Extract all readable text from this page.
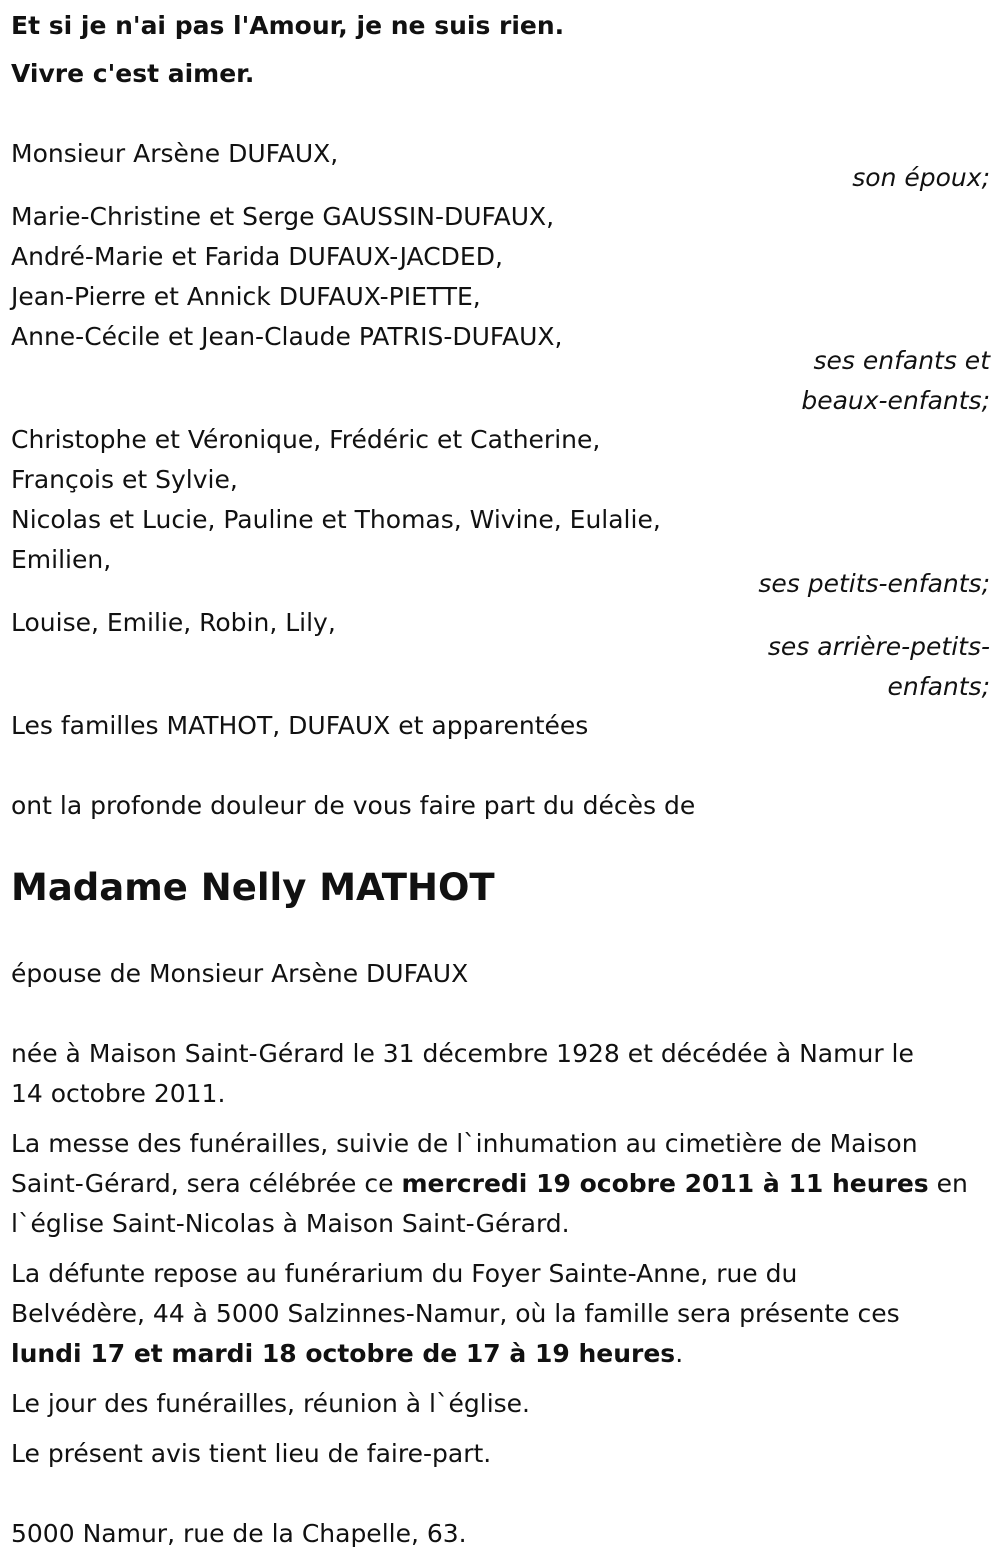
Et si je n'ai pas l'Amour, je ne suis rien.

Vivre c'est aimer.

Monsieur Arsène DUFAUX,

son époux;

Marie-Christine et Serge GAUSSIN-DUFAUX,

André-Marie et Farida DUFAUX-JACDED,

Jean-Pierre et Annick DUFAUX-PIETTE,

Anne-Cécile et Jean-Claude PATRIS-DUFAUX,

ses enfants et

beaux-enfants;

Christophe et Véronique, Frédéric et Catherine,

François et Sylvie,

Nicolas et Lucie, Pauline et Thomas, Wivine, Eulalie,

Emilien,

ses petits-enfants;

Louise, Emilie, Robin, Lily,

ses arrière-petits-

enfants;

Les familles MATHOT, DUFAUX et apparentées

ont la profonde douleur de vous faire part du décès de

Madame Nelly MATHOT

épouse de Monsieur Arsène DUFAUX

née à Maison Saint-Gérard le 31 décembre 1928 et décédée à Namur le

14 octobre 2011.

La messe des funérailles, suivie de l`inhumation au cimetière de Maison

Saint-Gérard, sera célébrée ce mercredi 19 ocobre 2011 à 11 heures en

l`église Saint-Nicolas à Maison Saint-Gérard.

La défunte repose au funérarium du Foyer Sainte-Anne, rue du

Belvédère, 44 à 5000 Salzinnes-Namur, où la famille sera présente ces

lundi 17 et mardi 18 octobre de 17 à 19 heures.

Le jour des funérailles, réunion à l`église.

Le présent avis tient lieu de faire-part.

5000 Namur, rue de la Chapelle, 63.
